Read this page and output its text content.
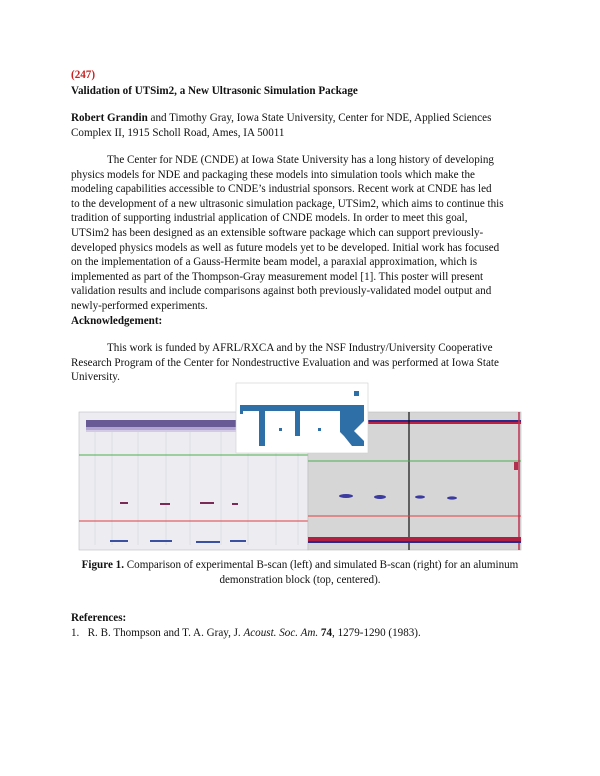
(247)
Validation of UTSim2, a New Ultrasonic Simulation Package
Robert Grandin and Timothy Gray, Iowa State University, Center for NDE, Applied Sciences
Complex II, 1915 Scholl Road, Ames, IA 50011
The Center for NDE (CNDE) at Iowa State University has a long history of developing
physics models for NDE and packaging these models into simulation tools which make the
modeling capabilities accessible to CNDE’s industrial sponsors. Recent work at CNDE has led
to the development of a new ultrasonic simulation package, UTSim2, which aims to continue this
tradition of supporting industrial application of CNDE models. In order to meet this goal,
UTSim2 has been designed as an extensible software package which can support previously-
developed physics models as well as future models yet to be developed. Initial work has focused
on the implementation of a Gauss-Hermite beam model, a paraxial approximation, which is
implemented as part of the Thompson-Gray measurement model [1]. This poster will present
validation results and include comparisons against both previously-validated model output and
newly-performed experiments.
Acknowledgement:
This work is funded by AFRL/RXCA and by the NSF Industry/University Cooperative
Research Program of the Center for Nondestructive Evaluation and was performed at Iowa State
University.
Figure 1. Comparison of experimental B-scan (left) and simulated B-scan (right) for an aluminum demonstration block (top, centered).
References:
1. R. B. Thompson and T. A. Gray, J. Acoust. Soc. Am. 74, 1279-1290 (1983).
